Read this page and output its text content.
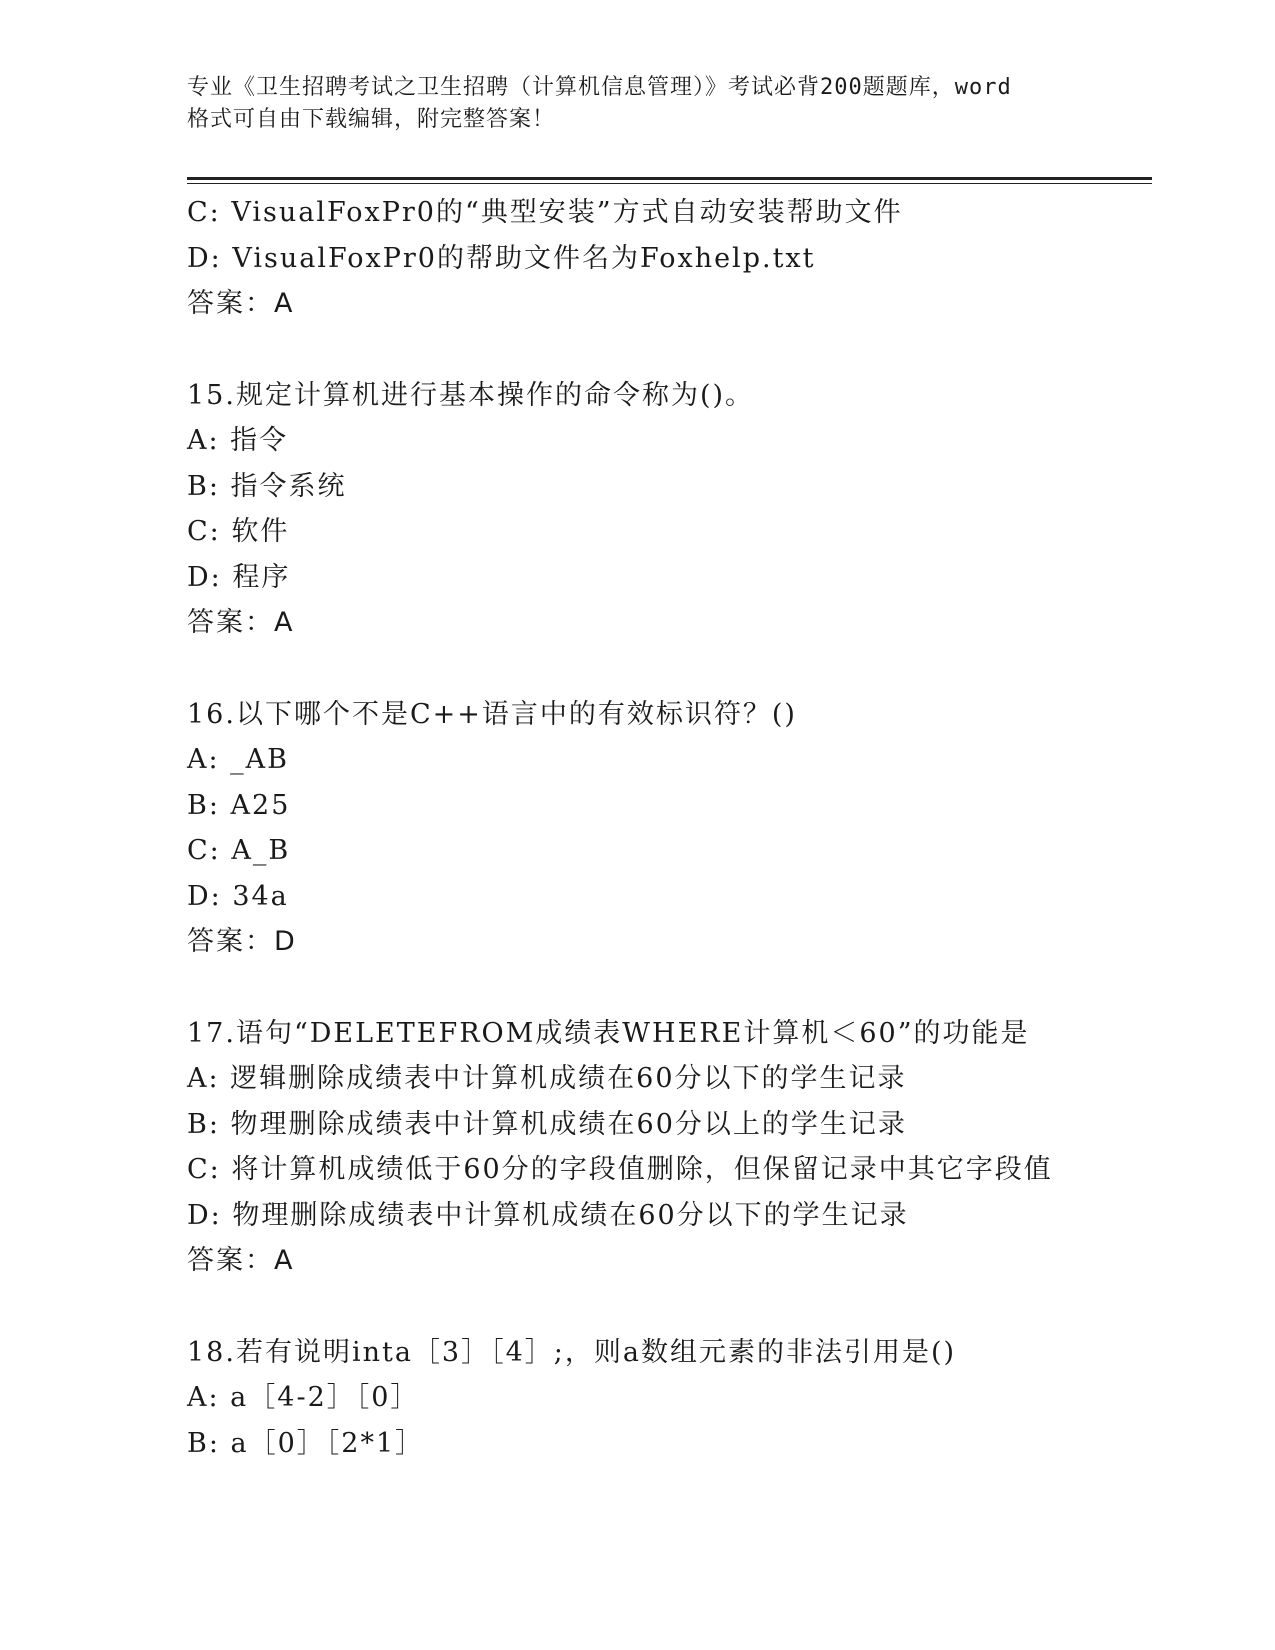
专业《卫生招聘考试之卫生招聘（计算机信息管理）》考试必背200题题库，word
格式可自由下载编辑，附完整答案！
C: VisualFoxPr0的“典型安装”方式自动安装帮助文件
D: VisualFoxPr0的帮助文件名为Foxhelp.txt
答案：A
15.规定计算机进行基本操作的命令称为()。
A: 指令
B: 指令系统
C: 软件
D: 程序
答案：A
16.以下哪个不是C++语言中的有效标识符？()
A: _AB
B: A25
C: A_B
D: 34a
答案：D
17.语句“DELETEFROM成绩表WHERE计算机＜60”的功能是
A: 逻辑删除成绩表中计算机成绩在60分以下的学生记录
B: 物理删除成绩表中计算机成绩在60分以上的学生记录
C: 将计算机成绩低于60分的字段值删除，但保留记录中其它字段值
D: 物理删除成绩表中计算机成绩在60分以下的学生记录
答案：A
18.若有说明inta［3］［4］;，则a数组元素的非法引用是()
A: a［4-2］［0］
B: a［0］［2*1］
